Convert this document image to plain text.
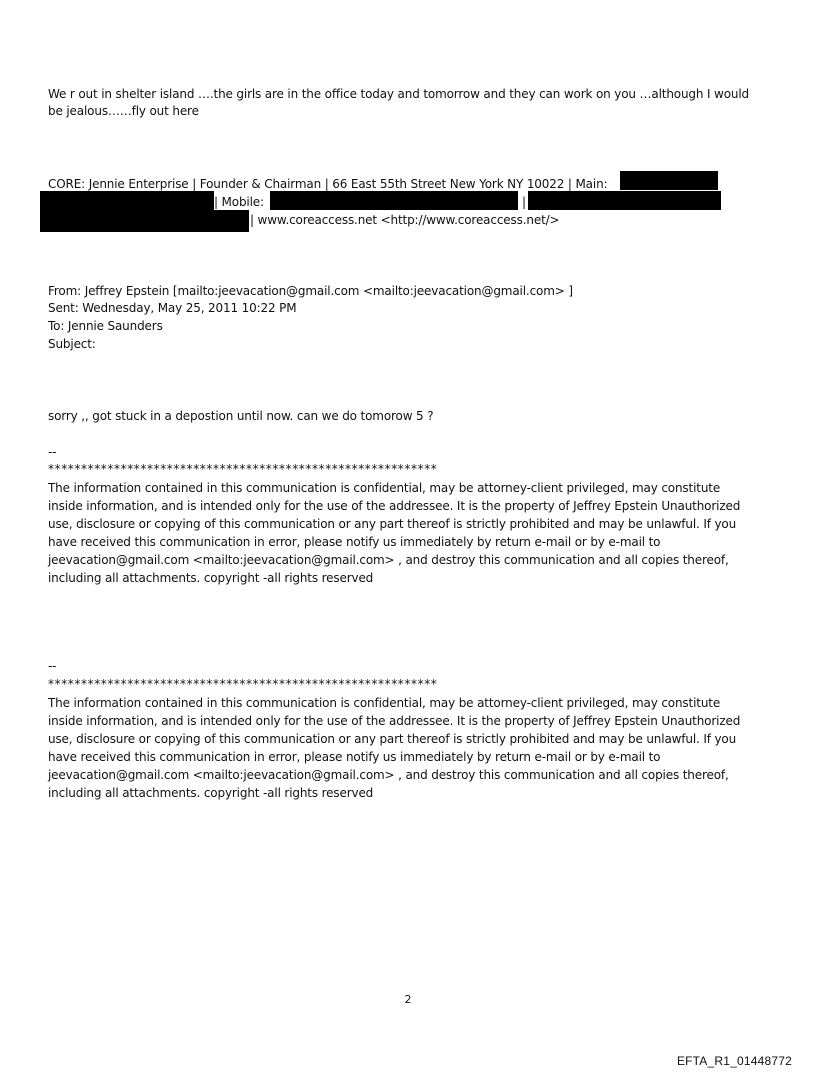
We r out in shelter island ….the girls are in the office today and tomorrow and they can work on you …although I would
be jealous……fly out here
CORE: Jennie Enterprise | Founder & Chairman | 66 East 55th Street New York NY 10022 | Main:
| Mobile:	|
| www.coreaccess.net <http://www.coreaccess.net/>
From: Jeffrey Epstein [mailto:jeevacation@gmail.com <mailto:jeevacation@gmail.com> ]
Sent: Wednesday, May 25, 2011 10:22 PM
To: Jennie Saunders
Subject:
sorry ,, got stuck in a depostion until now. can we do tomorow 5 ?
--
***********************************************************
The information contained in this communication is confidential, may be attorney-client privileged, may constitute
inside information, and is intended only for the use of the addressee. It is the property of Jeffrey Epstein Unauthorized
use, disclosure or copying of this communication or any part thereof is strictly prohibited and may be unlawful. If you
have received this communication in error, please notify us immediately by return e-mail or by e-mail to
jeevacation@gmail.com <mailto:jeevacation@gmail.com> , and destroy this communication and all copies thereof,
including all attachments. copyright -all rights reserved
--
***********************************************************
The information contained in this communication is confidential, may be attorney-client privileged, may constitute
inside information, and is intended only for the use of the addressee. It is the property of Jeffrey Epstein Unauthorized
use, disclosure or copying of this communication or any part thereof is strictly prohibited and may be unlawful. If you
have received this communication in error, please notify us immediately by return e-mail or by e-mail to
jeevacation@gmail.com <mailto:jeevacation@gmail.com> , and destroy this communication and all copies thereof,
including all attachments. copyright -all rights reserved
2
EFTA_R1_01448772
